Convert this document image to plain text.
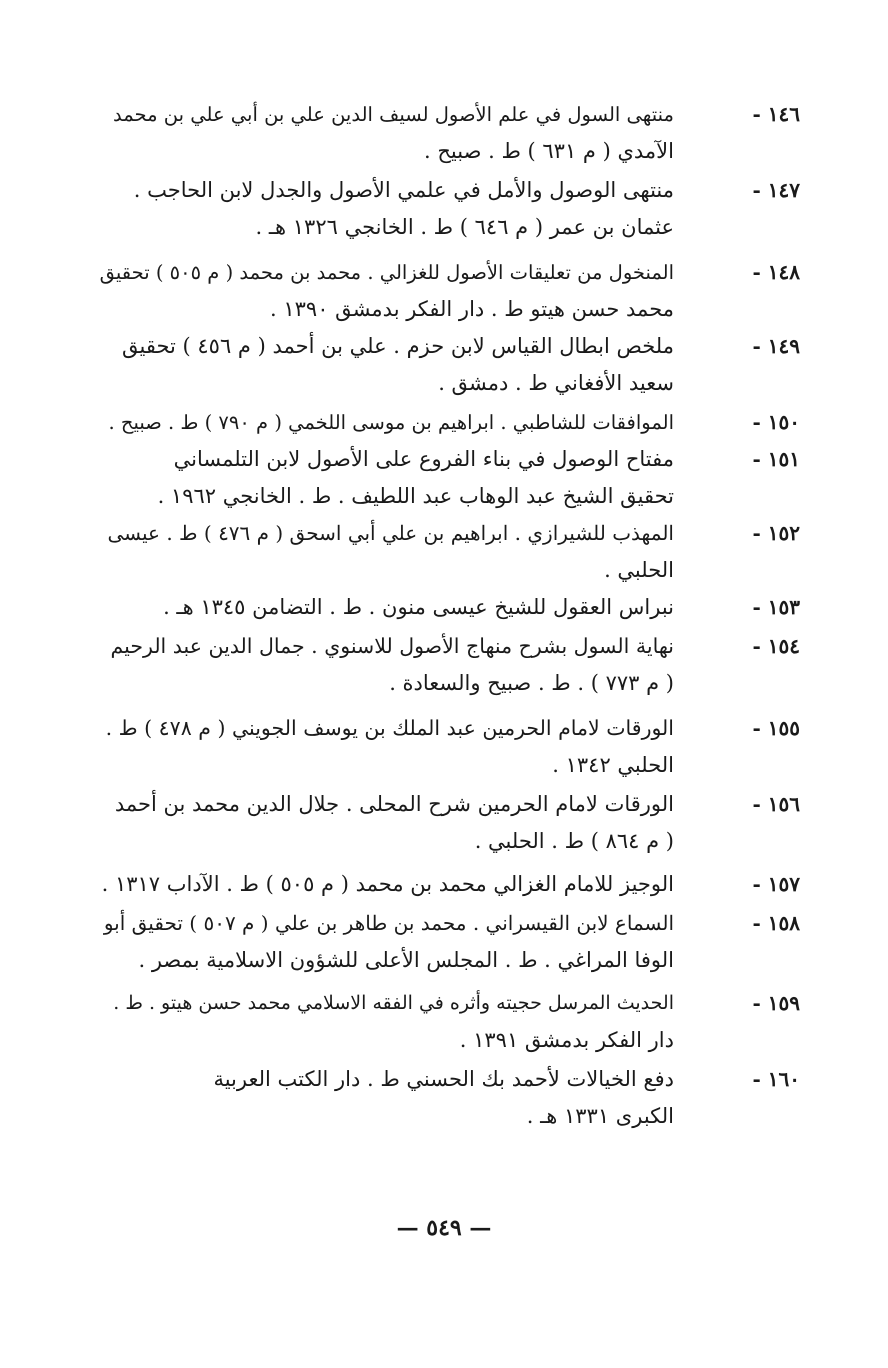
١٤٦ -
منتهى السول في علم الأصول لسيف الدين علي بن أبي علي بن محمد
الآمدي ( م ٦٣١ ) ط . صبيح .
١٤٧ -
منتهى الوصول والأمل في علمي الأصول والجدل لابن الحاجب .
عثمان بن عمر ( م ٦٤٦ ) ط . الخانجي ١٣٢٦ هـ .
١٤٨ -
المنخول من تعليقات الأصول للغزالي . محمد بن محمد ( م ٥٠٥ ) تحقيق
محمد حسن هيتو ط . دار الفكر بدمشق ١٣٩٠ .
١٤٩ -
ملخص ابطال القياس لابن حزم . علي بن أحمد ( م ٤٥٦ ) تحقيق
سعيد الأفغاني ط . دمشق .
١٥٠ -
الموافقات للشاطبي . ابراهيم بن موسى اللخمي ( م ٧٩٠ ) ط . صبيح .
١٥١ -
مفتاح الوصول في بناء الفروع على الأصول لابن التلمساني
تحقيق الشيخ عبد الوهاب عبد اللطيف . ط . الخانجي ١٩٦٢ .
١٥٢ -
المهذب للشيرازي . ابراهيم بن علي أبي اسحق ( م ٤٧٦ ) ط . عيسى
الحلبي .
١٥٣ -
نبراس العقول للشيخ عيسى منون . ط . التضامن ١٣٤٥ هـ .
١٥٤ -
نهاية السول بشرح منهاج الأصول للاسنوي . جمال الدين عبد الرحيم
( م ٧٧٣ ) . ط . صبيح والسعادة .
١٥٥ -
الورقات لامام الحرمين عبد الملك بن يوسف الجويني ( م ٤٧٨ ) ط .
الحلبي ١٣٤٢ .
١٥٦ -
الورقات لامام الحرمين شرح المحلى . جلال الدين محمد بن أحمد
( م ٨٦٤ ) ط . الحلبي .
١٥٧ -
الوجيز للامام الغزالي محمد بن محمد ( م ٥٠٥ ) ط . الآداب ١٣١٧ .
١٥٨ -
السماع لابن القيسراني . محمد بن طاهر بن علي ( م ٥٠٧ ) تحقيق أبو
الوفا المراغي . ط . المجلس الأعلى للشؤون الاسلامية بمصر .
١٥٩ -
الحديث المرسل حجيته وأثره في الفقه الاسلامي محمد حسن هيتو . ط .
دار الفكر بدمشق ١٣٩١ .
١٦٠ -
دفع الخيالات لأحمد بك الحسني ط . دار الكتب العربية
الكبرى ١٣٣١ هـ .
— ٥٤٩ —
